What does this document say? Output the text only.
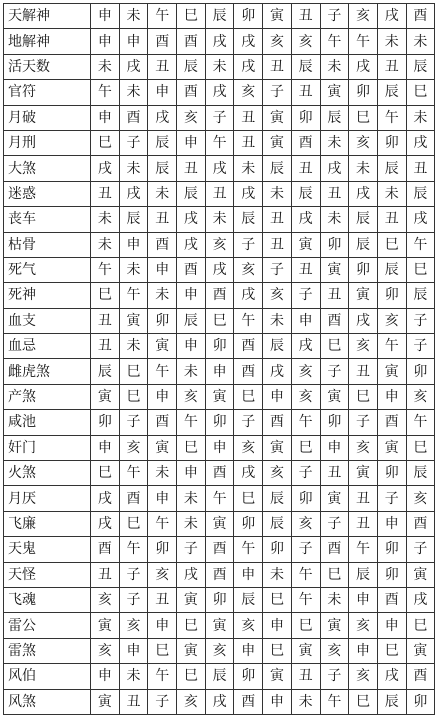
天解神	申	未	午	巳	辰	卯	寅	丑	子	亥	戌	酉
地解神	申	申	酉	酉	戌	戌	亥	亥	午	午	未	未
活天数	未	戌	丑	辰	未	戌	丑	辰	未	戌	丑	辰
官符	午	未	申	酉	戌	亥	子	丑	寅	卯	辰	巳
月破	申	酉	戌	亥	子	丑	寅	卯	辰	巳	午	未
月刑	巳	子	辰	申	午	丑	寅	酉	未	亥	卯	戌
大煞	戌	未	辰	丑	戌	未	辰	丑	戌	未	辰	丑
迷惑	丑	戌	未	辰	丑	戌	未	辰	丑	戌	未	辰
丧车	未	辰	丑	戌	未	辰	丑	戌	未	辰	丑	戌
枯骨	未	申	酉	戌	亥	子	丑	寅	卯	辰	巳	午
死气	午	未	申	酉	戌	亥	子	丑	寅	卯	辰	巳
死神	巳	午	未	申	酉	戌	亥	子	丑	寅	卯	辰
血支	丑	寅	卯	辰	巳	午	未	申	酉	戌	亥	子
血忌	丑	未	寅	申	卯	酉	辰	戌	巳	亥	午	子
雌虎煞	辰	巳	午	未	申	酉	戌	亥	子	丑	寅	卯
产煞	寅	巳	申	亥	寅	巳	申	亥	寅	巳	申	亥
咸池	卯	子	酉	午	卯	子	酉	午	卯	子	酉	午
奸门	申	亥	寅	巳	申	亥	寅	巳	申	亥	寅	巳
火煞	巳	午	未	申	酉	戌	亥	子	丑	寅	卯	辰
月厌	戌	酉	申	未	午	巳	辰	卯	寅	丑	子	亥
飞廉	戌	巳	午	未	寅	卯	辰	亥	子	丑	申	酉
天鬼	酉	午	卯	子	酉	午	卯	子	酉	午	卯	子
天怪	丑	子	亥	戌	酉	申	未	午	巳	辰	卯	寅
飞魂	亥	子	丑	寅	卯	辰	巳	午	未	申	酉	戌
雷公	寅	亥	申	巳	寅	亥	申	巳	寅	亥	申	巳
雷煞	亥	申	巳	寅	亥	申	巳	寅	亥	申	巳	寅
风伯	申	未	午	巳	辰	卯	寅	丑	子	亥	戌	酉
风煞	寅	丑	子	亥	戌	酉	申	未	午	巳	辰	卯
